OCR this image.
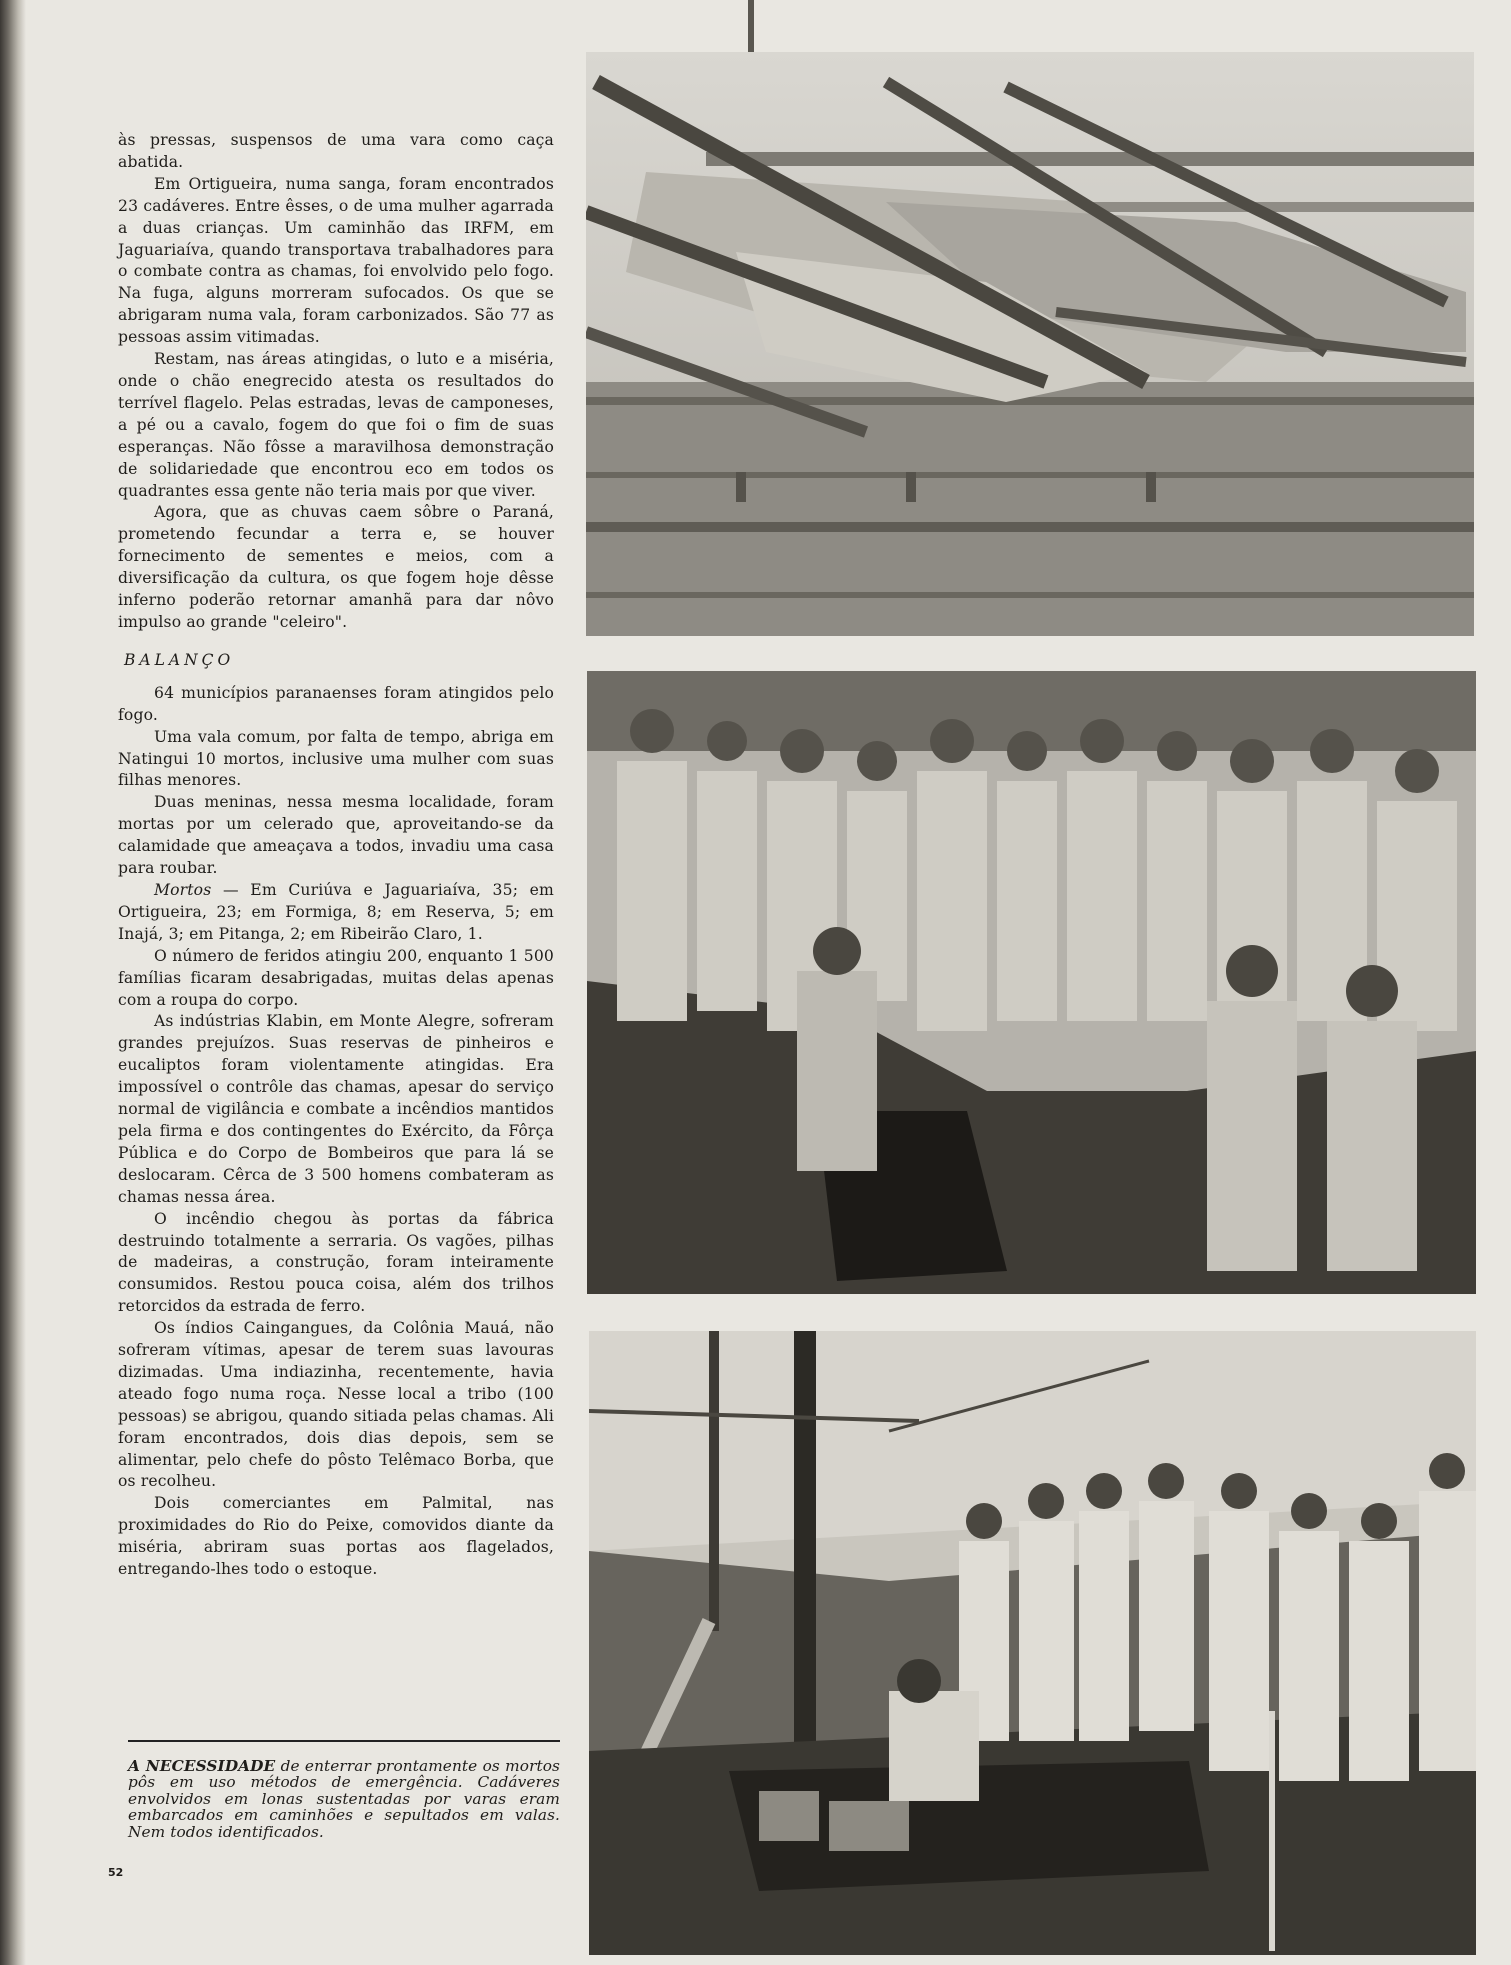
às pressas, suspensos de uma vara como caça abatida.

Em Ortigueira, numa sanga, foram encontrados 23 cadáveres. Entre êsses, o de uma mulher agarrada a duas crianças. Um caminhão das IRFM, em Jaguariaíva, quando transportava trabalhadores para o combate contra as chamas, foi envolvido pelo fogo. Na fuga, alguns morreram sufocados. Os que se abrigaram numa vala, foram carbonizados. São 77 as pessoas assim vitimadas.

Restam, nas áreas atingidas, o luto e a miséria, onde o chão enegrecido atesta os resultados do terrível flagelo. Pelas estradas, levas de camponeses, a pé ou a cavalo, fogem do que foi o fim de suas esperanças. Não fôsse a maravilhosa demonstração de solidariedade que encontrou eco em todos os quadrantes essa gente não teria mais por que viver.

Agora, que as chuvas caem sôbre o Paraná, prometendo fecundar a terra e, se houver fornecimento de sementes e meios, com a diversificação da cultura, os que fogem hoje dêsse inferno poderão retornar amanhã para dar nôvo impulso ao grande "celeiro".

BALANÇO

64 municípios paranaenses foram atingidos pelo fogo.

Uma vala comum, por falta de tempo, abriga em Natingui 10 mortos, inclusive uma mulher com suas filhas menores.

Duas meninas, nessa mesma localidade, foram mortas por um celerado que, aproveitando-se da calamidade que ameaçava a todos, invadiu uma casa para roubar.

Mortos — Em Curiúva e Jaguariaíva, 35; em Ortigueira, 23; em Formiga, 8; em Reserva, 5; em Inajá, 3; em Pitanga, 2; em Ribeirão Claro, 1.

O número de feridos atingiu 200, enquanto 1 500 famílias ficaram desabrigadas, muitas delas apenas com a roupa do corpo.

As indústrias Klabin, em Monte Alegre, sofreram grandes prejuízos. Suas reservas de pinheiros e eucaliptos foram violentamente atingidas. Era impossível o contrôle das chamas, apesar do serviço normal de vigilância e combate a incêndios mantidos pela firma e dos contingentes do Exército, da Fôrça Pública e do Corpo de Bombeiros que para lá se deslocaram. Cêrca de 3 500 homens combateram as chamas nessa área.

O incêndio chegou às portas da fábrica destruindo totalmente a serraria. Os vagões, pilhas de madeiras, a construção, foram inteiramente consumidos. Restou pouca coisa, além dos trilhos retorcidos da estrada de ferro.

Os índios Caingangues, da Colônia Mauá, não sofreram vítimas, apesar de terem suas lavouras dizimadas. Uma indiazinha, recentemente, havia ateado fogo numa roça. Nesse local a tribo (100 pessoas) se abrigou, quando sitiada pelas chamas. Ali foram encontrados, dois dias depois, sem se alimentar, pelo chefe do pôsto Telêmaco Borba, que os recolheu.

Dois comerciantes em Palmital, nas proximidades do Rio do Peixe, comovidos diante da miséria, abriram suas portas aos flagelados, entregando-lhes todo o estoque.

A NECESSIDADE de enterrar prontamente os mortos pôs em uso métodos de emergência. Cadáveres envolvidos em lonas sustentadas por varas eram embarcados em caminhões e sepultados em valas. Nem todos identificados.
52
